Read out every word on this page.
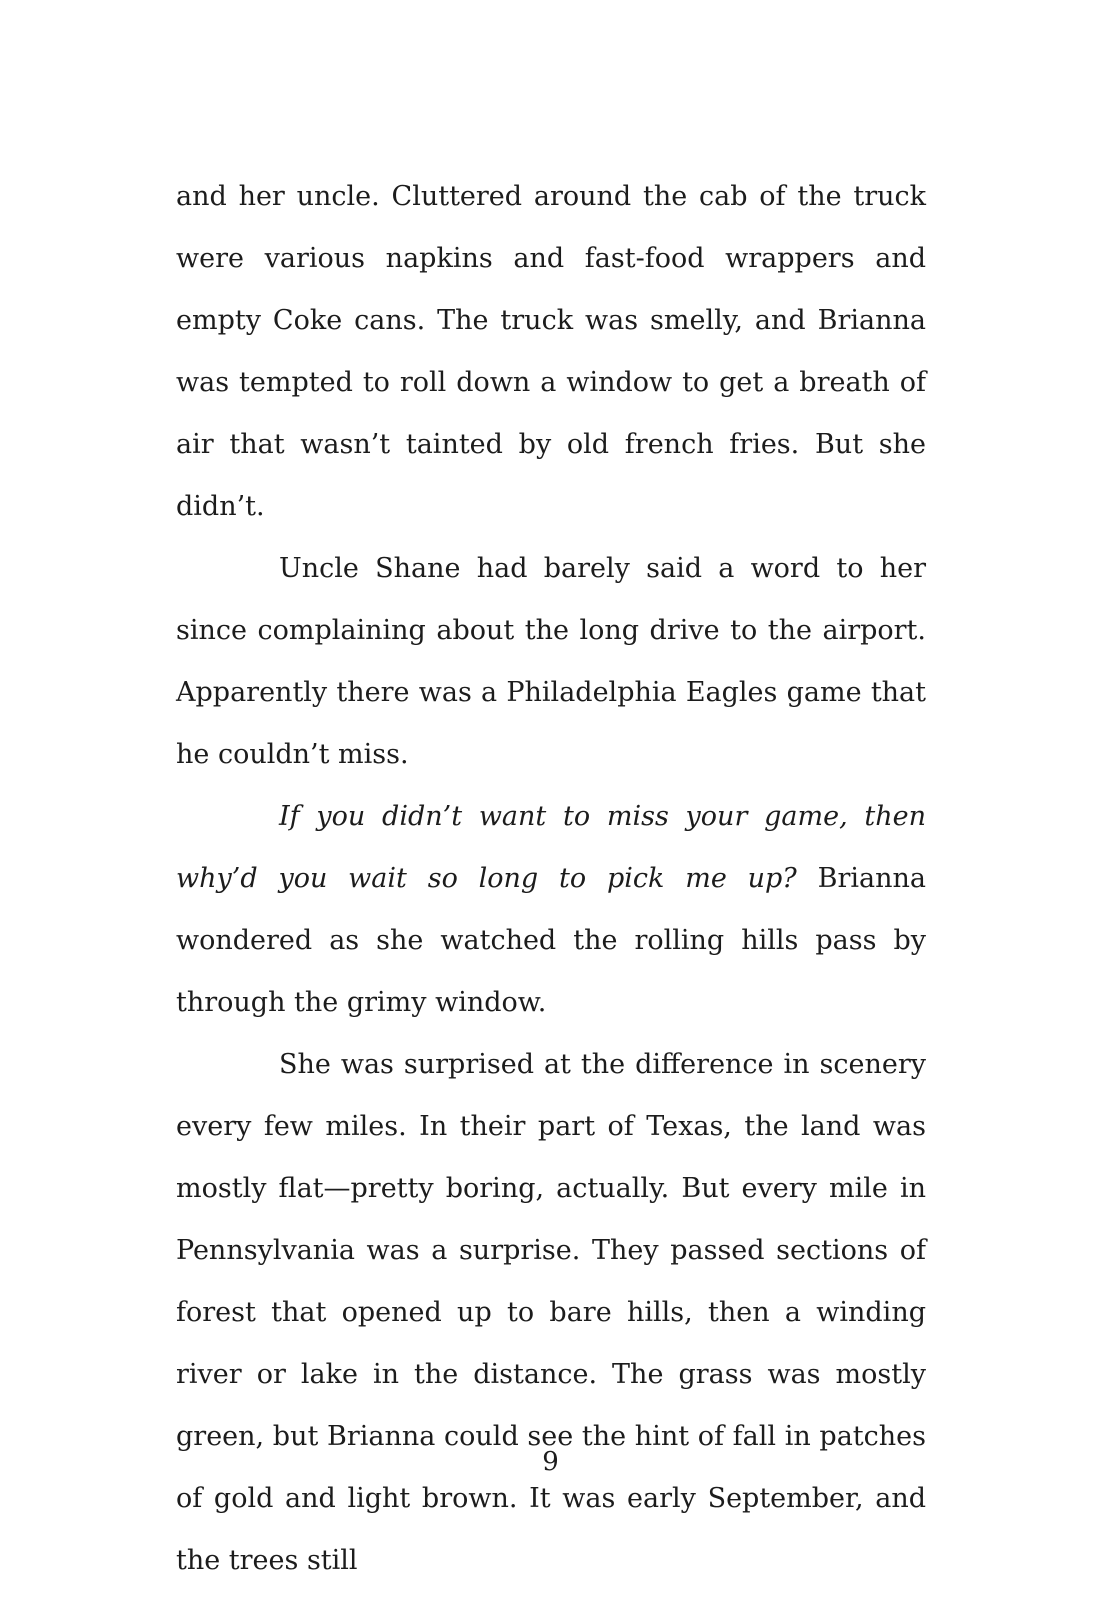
and her uncle. Cluttered around the cab of the truck were various napkins and fast-food wrappers and empty Coke cans. The truck was smelly, and Brianna was tempted to roll down a window to get a breath of air that wasn’t tainted by old french fries. But she didn’t.

Uncle Shane had barely said a word to her since complaining about the long drive to the airport. Apparently there was a Philadelphia Eagles game that he couldn’t miss.

If you didn’t want to miss your game, then why’d you wait so long to pick me up? Brianna wondered as she watched the rolling hills pass by through the grimy window.

She was surprised at the difference in scenery every few miles. In their part of Texas, the land was mostly flat—pretty boring, actually. But every mile in Pennsylvania was a surprise. They passed sections of forest that opened up to bare hills, then a winding river or lake in the distance. The grass was mostly green, but Brianna could see the hint of fall in patches of gold and light brown. It was early September, and the trees still

9
